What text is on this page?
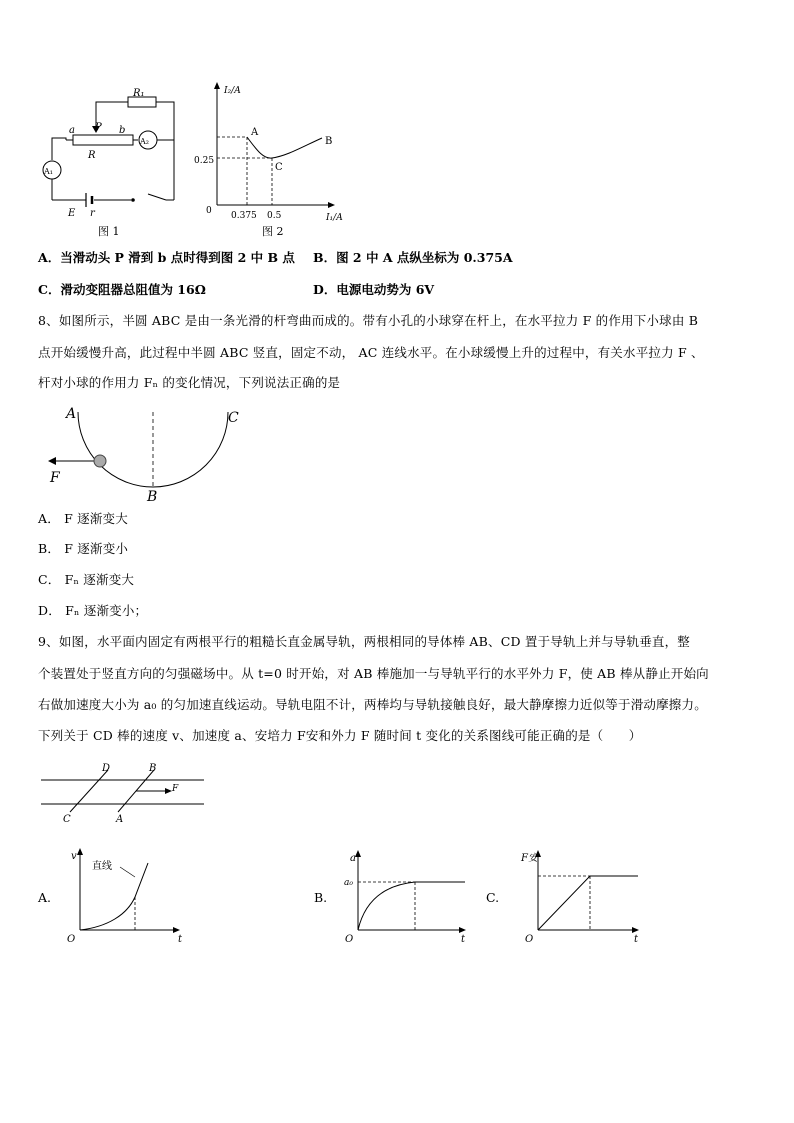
R₁
a P b
A₂
R
A₁
E r
图 1
I₂/A
I₁/A
0
0.25
0.375 0.5
A
B
C
图 2
A．当滑动头 P 滑到 b 点时得到图 2 中 B 点 B．图 2 中 A 点纵坐标为 0.375A
C．滑动变阻器总阻值为 16Ω	D．电源电动势为 6V
8、如图所示，半圆 ABC 是由一条光滑的杆弯曲而成的。带有小孔的小球穿在杆上，在水平拉力 F 的作用下小球由 B
点开始缓慢升高，此过程中半圆 ABC 竖直，固定不动， AC 连线水平。在小球缓慢上升的过程中，有关水平拉力 F 、
杆对小球的作用力 Fₙ 的变化情况，下列说法正确的是
A	C
B
F
A． F 逐渐变大
B． F 逐渐变小
C． Fₙ 逐渐变大
D． Fₙ 逐渐变小；
9、如图，水平面内固定有两根平行的粗糙长直金属导轨，两根相同的导体棒 AB、CD 置于导轨上并与导轨垂直，整
个装置处于竖直方向的匀强磁场中。从 t=0 时开始，对 AB 棒施加一与导轨平行的水平外力 F，使 AB 棒从静止开始向
右做加速度大小为 a₀ 的匀加速直线运动。导轨电阻不计，两棒均与导轨接触良好，最大静摩擦力近似等于滑动摩擦力。
下列关于 CD 棒的速度 v、加速度 a、安培力 F安和外力 F 随时间 t 变化的关系图线可能正确的是（　　）
D	B
F
C	A
A.
v
t
O
直线
B.
a
a₀
t
O
C.
F安
t
O
